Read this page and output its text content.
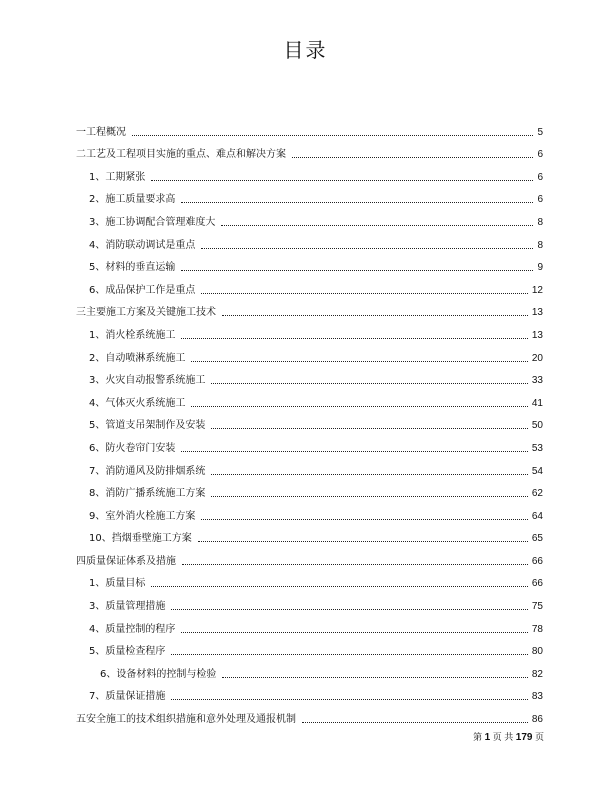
目录
一工程概况	5
二工艺及工程项目实施的重点、难点和解决方案	6
1、工期紧张	6
2、施工质量要求高	6
3、施工协调配合管理难度大	8
4、消防联动调试是重点	8
5、材料的垂直运输	9
6、成品保护工作是重点	12
三主要施工方案及关键施工技术	13
1、消火栓系统施工	13
2、自动喷淋系统施工	20
3、火灾自动报警系统施工	33
4、气体灭火系统施工	41
5、管道支吊架制作及安装	50
6、防火卷帘门安装	53
7、消防通风及防排烟系统	54
8、消防广播系统施工方案	62
9、室外消火栓施工方案	64
10、挡烟垂壁施工方案	65
四质量保证体系及措施	66
1、质量目标	66
3、质量管理措施	75
4、质量控制的程序	78
5、质量检查程序	80
6、设备材料的控制与检验	82
7、质量保证措施	83
五安全施工的技术组织措施和意外处理及通报机制	86
第 1 页 共 179 页
